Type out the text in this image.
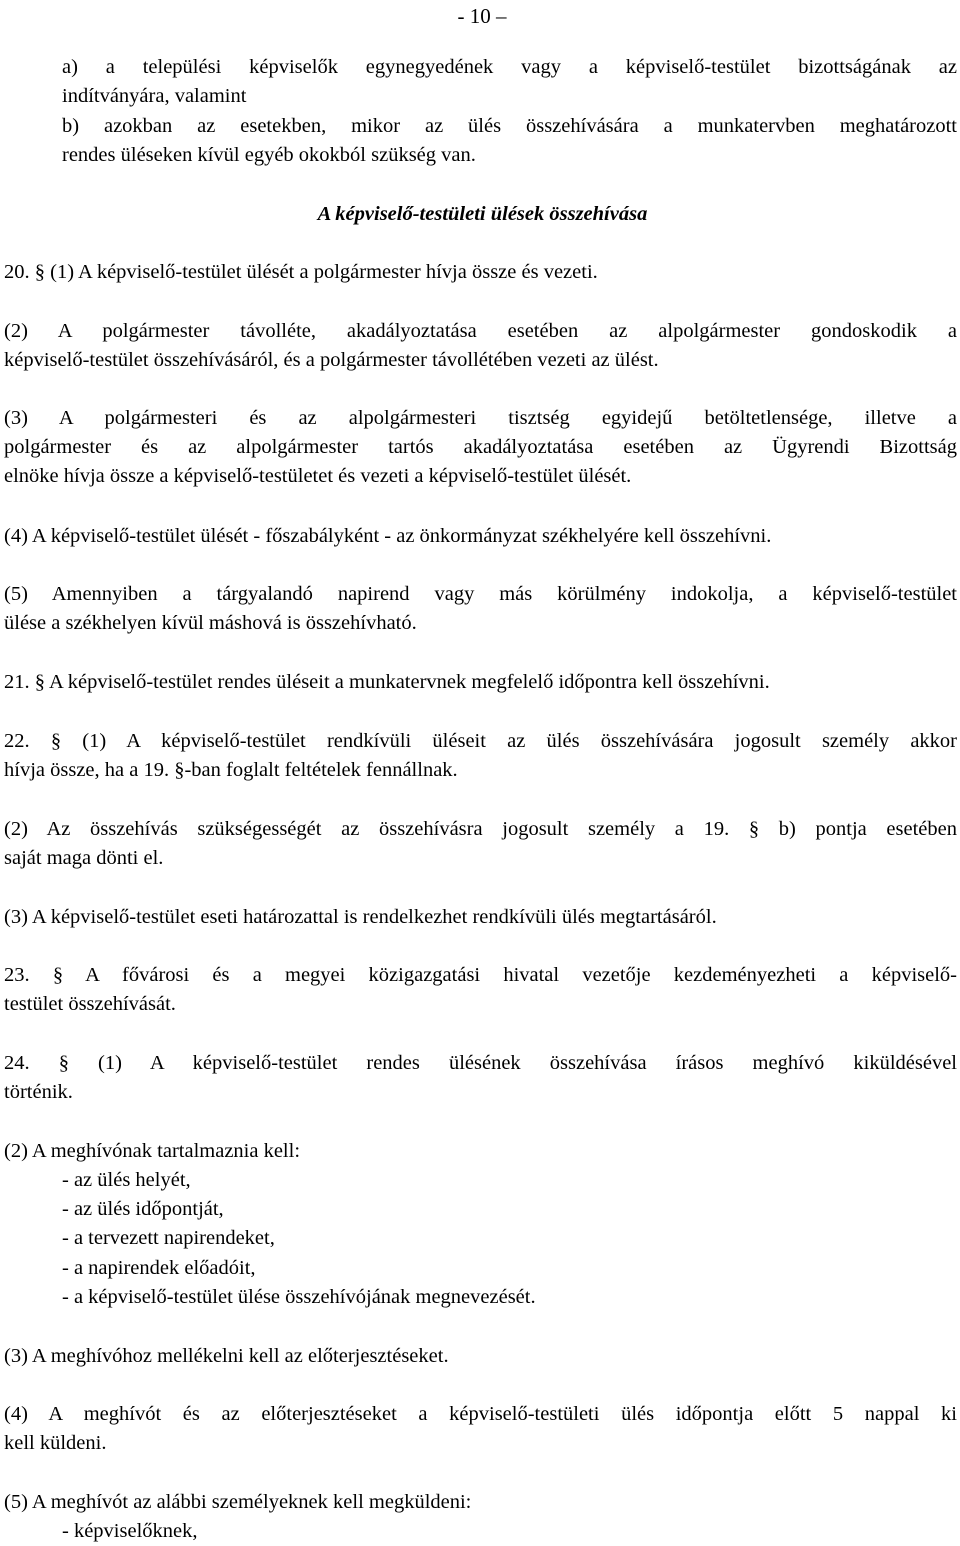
- 10 –
a) a települési képviselők egynegyedének vagy a képviselő-testület bizottságának az
indítványára, valamint
b) azokban az esetekben, mikor az ülés összehívására a munkatervben meghatározott
rendes üléseken kívül egyéb okokból szükség van.
A képviselő-testületi ülések összehívása
20. § (1) A képviselő-testület ülését a polgármester hívja össze és vezeti.
(2) A polgármester távolléte, akadályoztatása esetében az alpolgármester gondoskodik a
képviselő-testület összehívásáról, és a polgármester távollétében vezeti az ülést.
(3) A polgármesteri és az alpolgármesteri tisztség egyidejű betöltetlensége, illetve a
polgármester és az alpolgármester tartós akadályoztatása esetében az Ügyrendi Bizottság
elnöke hívja össze a képviselő-testületet és vezeti a képviselő-testület ülését.
(4) A képviselő-testület ülését - főszabályként - az önkormányzat székhelyére kell összehívni.
(5) Amennyiben a tárgyalandó napirend vagy más körülmény indokolja, a képviselő-testület
ülése a székhelyen kívül máshová is összehívható.
21. § A képviselő-testület rendes üléseit a munkatervnek megfelelő időpontra kell összehívni.
22. § (1) A képviselő-testület rendkívüli üléseit az ülés összehívására jogosult személy akkor
hívja össze, ha a 19. §-ban foglalt feltételek fennállnak.
(2) Az összehívás szükségességét az összehívásra jogosult személy a 19. § b) pontja esetében
saját maga dönti el.
(3) A képviselő-testület eseti határozattal is rendelkezhet rendkívüli ülés megtartásáról.
23. § A fővárosi és a megyei közigazgatási hivatal vezetője kezdeményezheti a képviselő-
testület összehívását.
24. § (1) A képviselő-testület rendes ülésének összehívása írásos meghívó kiküldésével
történik.
(2) A meghívónak tartalmaznia kell:
- az ülés helyét,
- az ülés időpontját,
- a tervezett napirendeket,
- a napirendek előadóit,
- a képviselő-testület ülése összehívójának megnevezését.
(3) A meghívóhoz mellékelni kell az előterjesztéseket.
(4) A meghívót és az előterjesztéseket a képviselő-testületi ülés időpontja előtt 5 nappal ki
kell küldeni.
(5) A meghívót az alábbi személyeknek kell megküldeni:
- képviselőknek,
